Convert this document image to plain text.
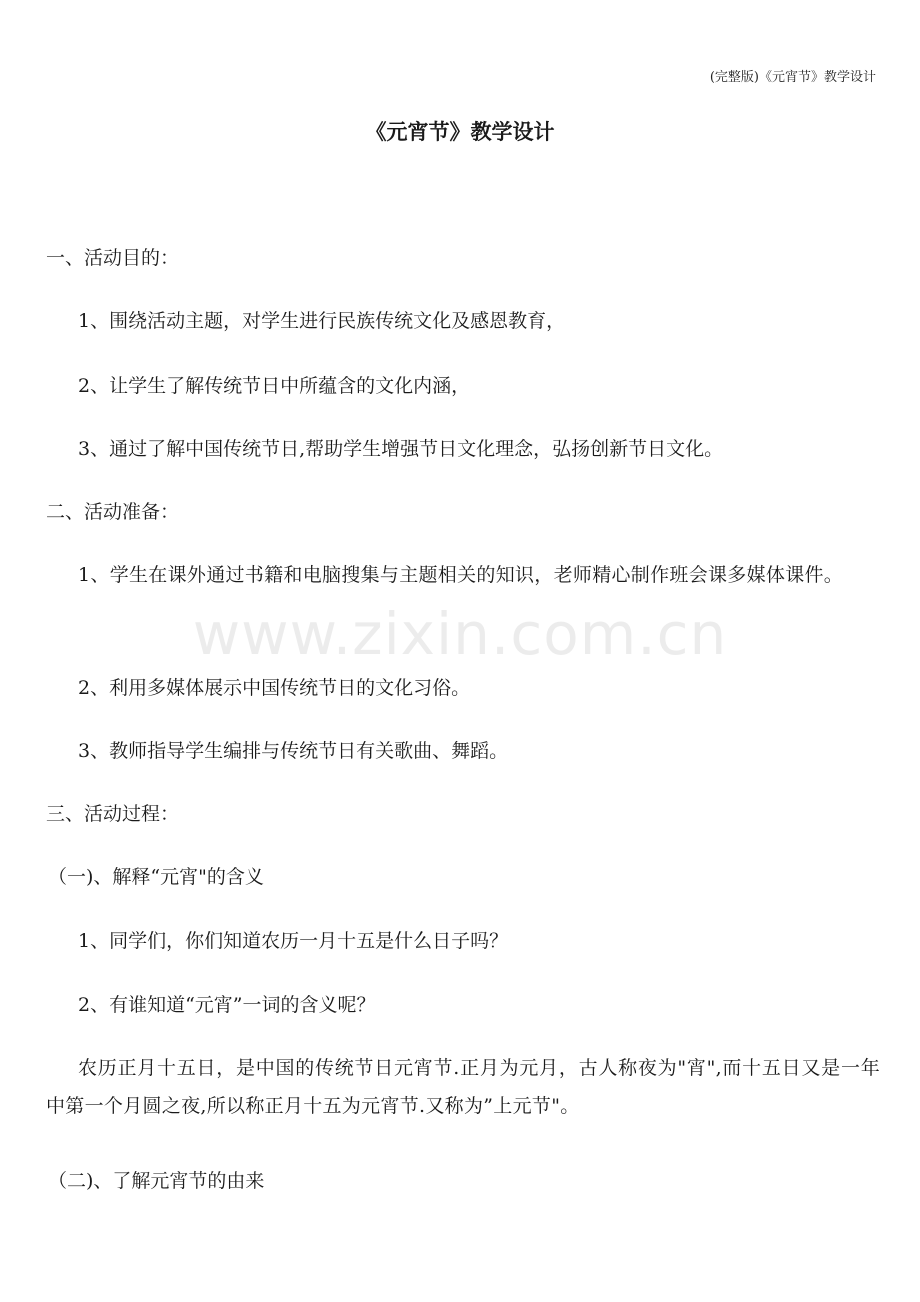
(完整版)《元宵节》教学设计
《元宵节》教学设计
www.zixin.com.cn
一、活动目的：
1、围绕活动主题，对学生进行民族传统文化及感恩教育，
2、让学生了解传统节日中所蕴含的文化内涵，
3、通过了解中国传统节日,帮助学生增强节日文化理念，弘扬创新节日文化。
二、活动准备：
1、学生在课外通过书籍和电脑搜集与主题相关的知识，老师精心制作班会课多媒体课件。
2、利用多媒体展示中国传统节日的文化习俗。
3、教师指导学生编排与传统节日有关歌曲、舞蹈。
三、活动过程：
（一)、解释“元宵"的含义
1、同学们，你们知道农历一月十五是什么日子吗？
2、有谁知道“元宵”一词的含义呢？
农历正月十五日，是中国的传统节日元宵节.正月为元月，古人称夜为"宵",而十五日又是一年中第一个月圆之夜,所以称正月十五为元宵节.又称为”上元节"。
（二)、了解元宵节的由来
